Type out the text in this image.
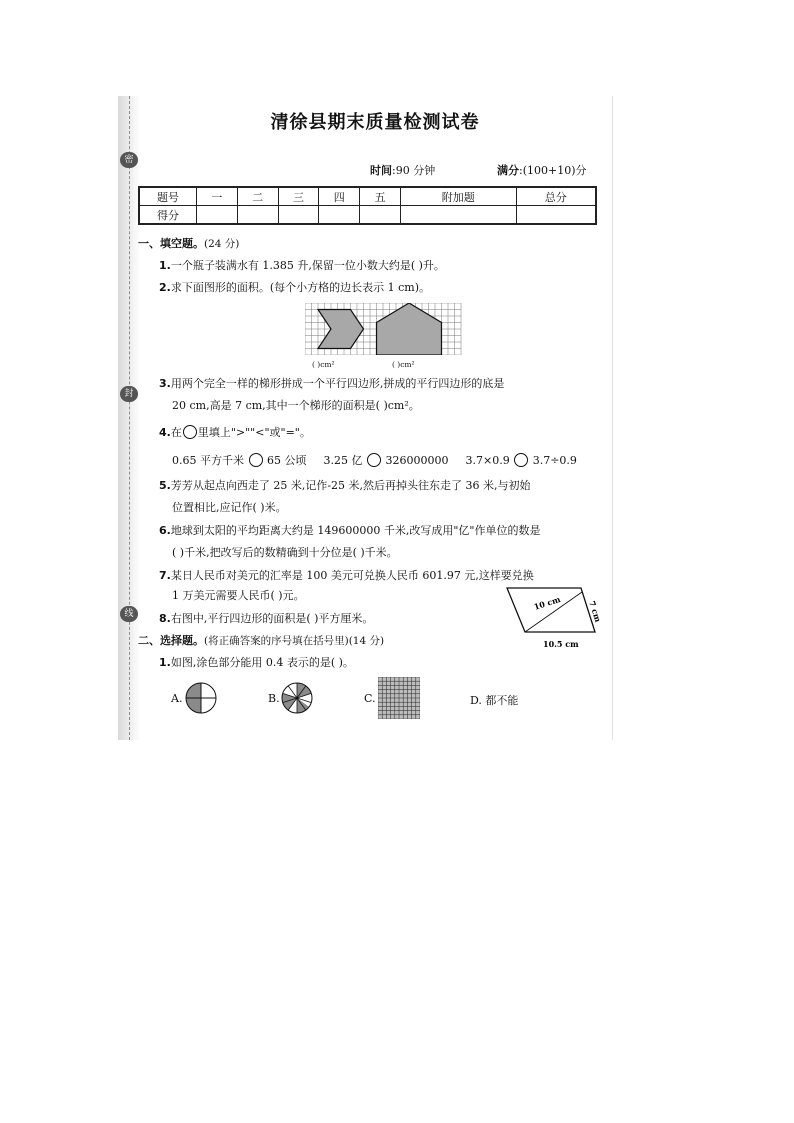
密
封
线
清徐县期末质量检测试卷
时间:90 分钟	满分:(100+10)分
题号	一	二	三	四	五	附加题	总分
得分							
一、填空题。(24 分)
1.一个瓶子装满水有 1.385 升,保留一位小数大约是( )升。
2.求下面图形的面积。(每个小方格的边长表示 1 cm)。
( )cm²	( )cm²
3.用两个完全一样的梯形拼成一个平行四边形,拼成的平行四边形的底是
20 cm,高是 7 cm,其中一个梯形的面积是( )cm²。
4.在 里填上">""<"或"="。
0.65 平方千米 65 公顷 3.25 亿 326000000 3.7×0.9 3.7÷0.9
5.芳芳从起点向西走了 25 米,记作-25 米,然后再掉头往东走了 36 米,与初始
位置相比,应记作( )米。
6.地球到太阳的平均距离大约是 149600000 千米,改写成用"亿"作单位的数是
( )千米,把改写后的数精确到十分位是( )千米。
7.某日人民币对美元的汇率是 100 美元可兑换人民币 601.97 元,这样要兑换
1 万美元需要人民币( )元。
8.右图中,平行四边形的面积是( )平方厘米。
10 cm	7 cm
10.5 cm
二、选择题。(将正确答案的序号填在括号里)(14 分)
1.如图,涂色部分能用 0.4 表示的是( )。
A.	B.	C.	D. 都不能
